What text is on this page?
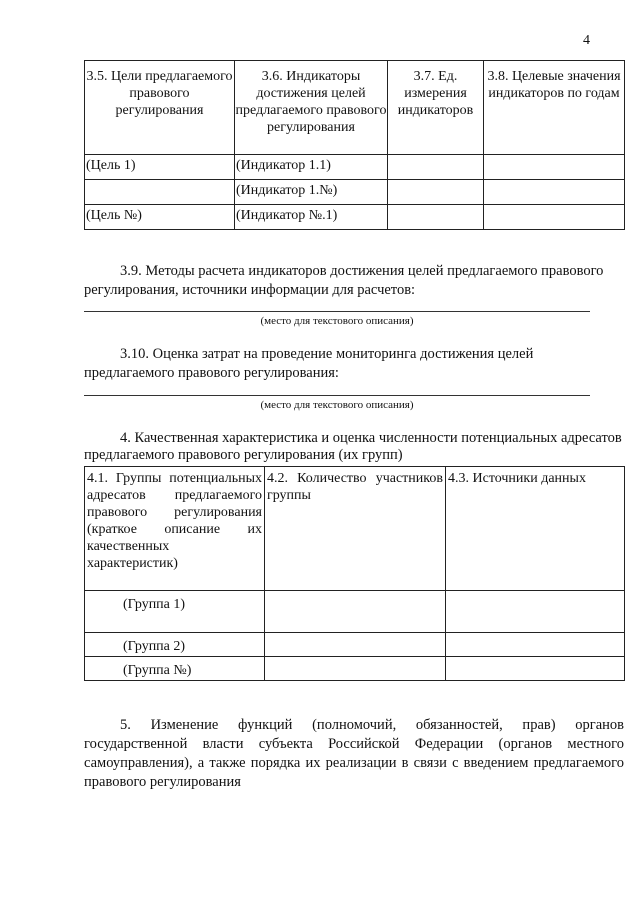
4
3.5. Цели предлагаемого правового регулирования	3.6. Индикаторы достижения целей предлагаемого правового регулирования	3.7. Ед. измерения индикаторов	3.8. Целевые значения индикаторов по годам
(Цель 1)	(Индикатор 1.1)		
	(Индикатор 1.№)		
(Цель №)	(Индикатор №.1)		
3.9. Методы расчета индикаторов достижения целей предлагаемого правового регулирования, источники информации для расчетов:
(место для текстового описания)
3.10. Оценка затрат на проведение мониторинга достижения целей предлагаемого правового регулирования:
(место для текстового описания)
4. Качественная характеристика и оценка численности потенциальных адресатов предлагаемого правового регулирования (их групп)
4.1. Группы потенциальных адресатов предлагаемого правового регулирования (краткое описание их качественных характеристик)	4.2. Количество участников группы	4.3. Источники данных
(Группа 1)		
(Группа 2)		
(Группа №)		
5. Изменение функций (полномочий, обязанностей, прав) органов государственной власти субъекта Российской Федерации (органов местного самоуправления), а также порядка их реализации в связи с введением предлагаемого правового регулирования
